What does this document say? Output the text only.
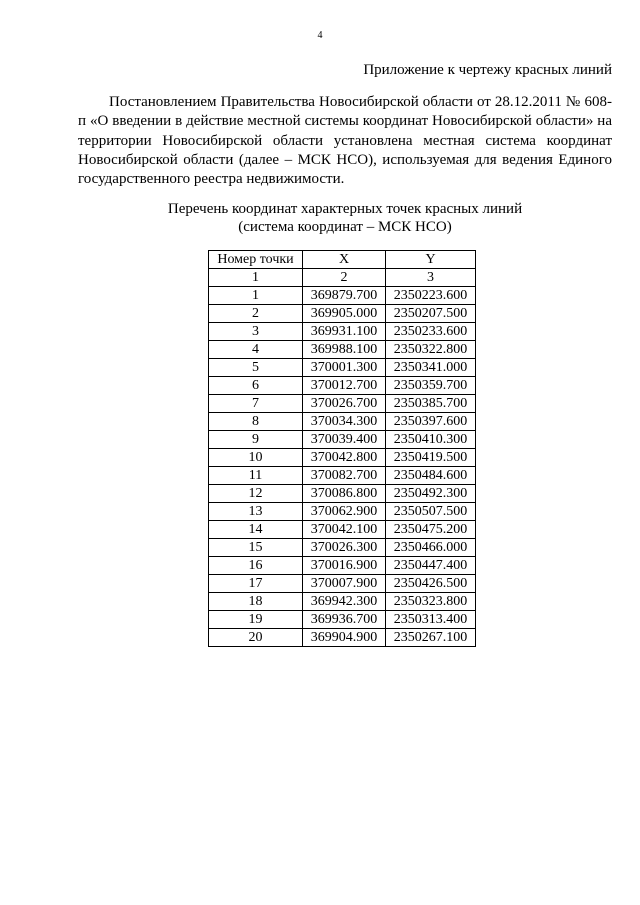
4
Приложение к чертежу красных линий

Постановлением Правительства Новосибирской области от 28.12.2011 № 608-п «О введении в действие местной системы координат Новосибирской области» на территории Новосибирской области установлена местная система координат Новосибирской области (далее – МСК НСО), используемая для ведения Единого государственного реестра недвижимости.

Перечень координат характерных точек красных линий
(система координат – МСК НСО)
Номер точки	X	Y
1	2	3
1	369879.700	2350223.600
2	369905.000	2350207.500
3	369931.100	2350233.600
4	369988.100	2350322.800
5	370001.300	2350341.000
6	370012.700	2350359.700
7	370026.700	2350385.700
8	370034.300	2350397.600
9	370039.400	2350410.300
10	370042.800	2350419.500
11	370082.700	2350484.600
12	370086.800	2350492.300
13	370062.900	2350507.500
14	370042.100	2350475.200
15	370026.300	2350466.000
16	370016.900	2350447.400
17	370007.900	2350426.500
18	369942.300	2350323.800
19	369936.700	2350313.400
20	369904.900	2350267.100
